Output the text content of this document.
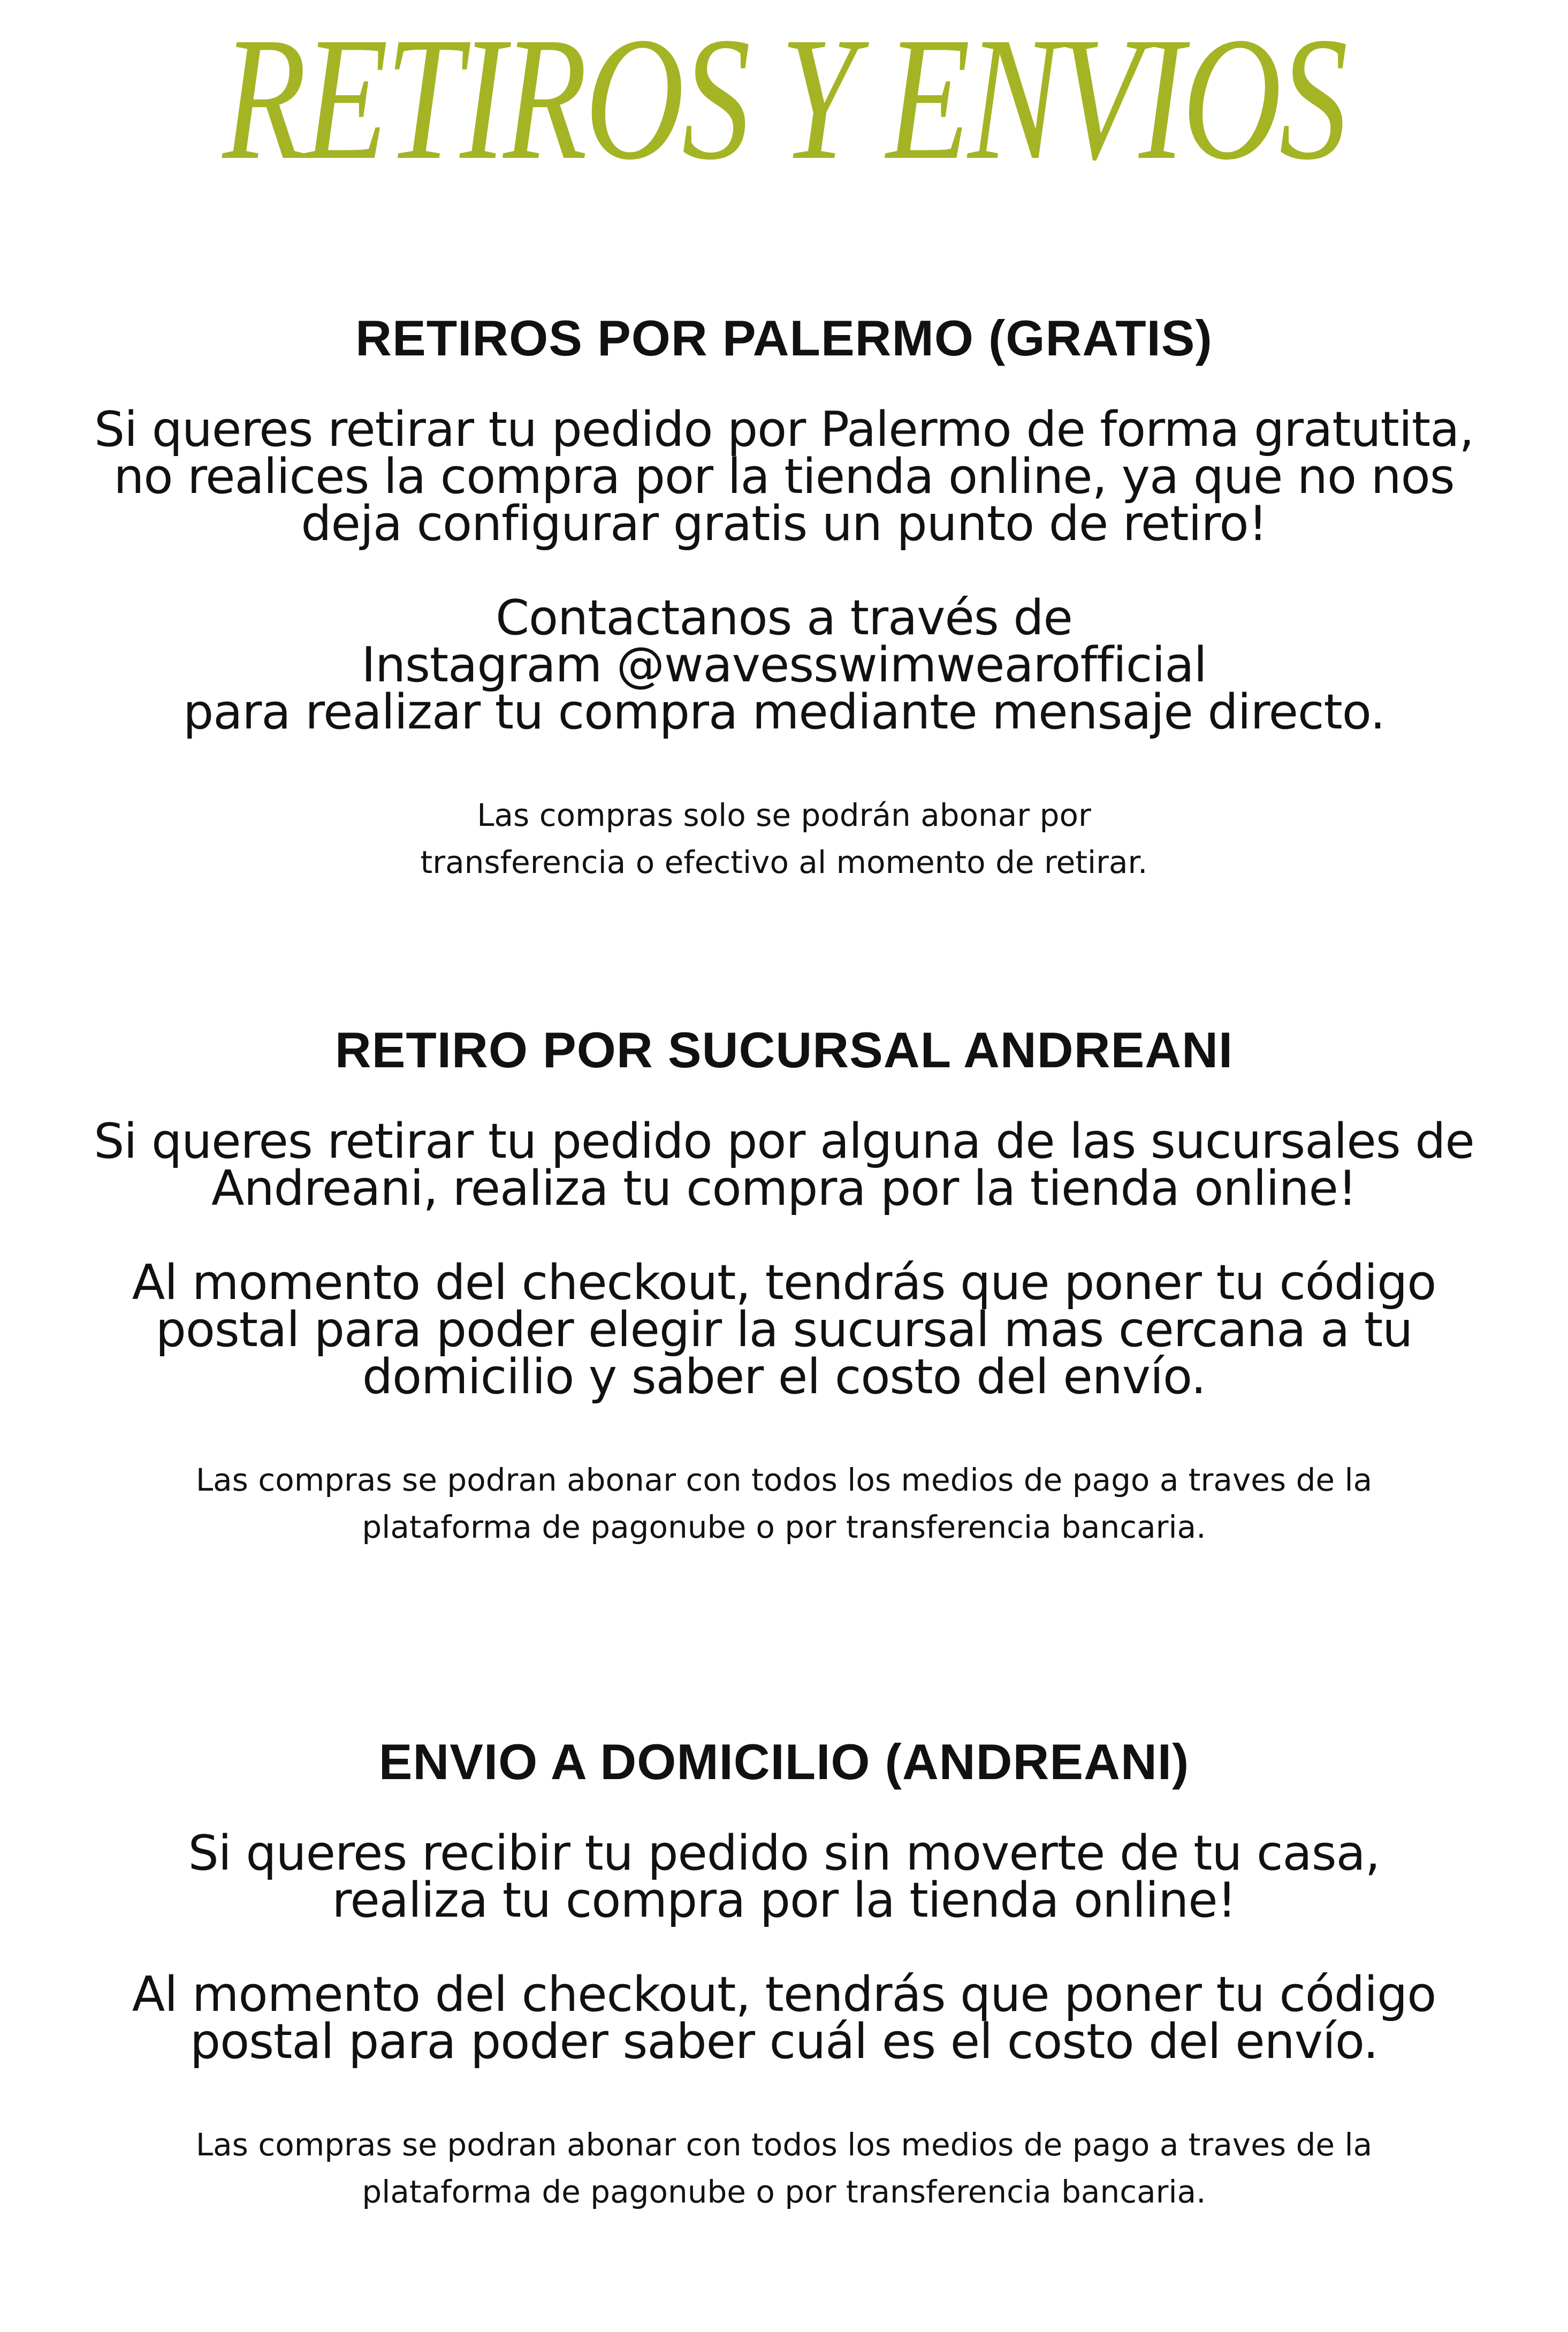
RETIROS Y ENVIOS
RETIROS POR PALERMO (GRATIS)

Si queres retirar tu pedido por Palermo de forma gratutita,
no realices la compra por la tienda online, ya que no nos
deja configurar gratis un punto de retiro!

Contactanos a través de
Instagram @wavesswimwearofficial
para realizar tu compra mediante mensaje directo.

Las compras solo se podrán abonar por
transferencia o efectivo al momento de retirar.

RETIRO POR SUCURSAL ANDREANI

Si queres retirar tu pedido por alguna de las sucursales de
Andreani, realiza tu compra por la tienda online!

Al momento del checkout, tendrás que poner tu código
postal para poder elegir la sucursal mas cercana a tu
domicilio y saber el costo del envío.

Las compras se podran abonar con todos los medios de pago a traves de la
plataforma de pagonube o por transferencia bancaria.

ENVIO A DOMICILIO (ANDREANI)

Si queres recibir tu pedido sin moverte de tu casa,
realiza tu compra por la tienda online!

Al momento del checkout, tendrás que poner tu código
postal para poder saber cuál es el costo del envío.

Las compras se podran abonar con todos los medios de pago a traves de la
plataforma de pagonube o por transferencia bancaria.
